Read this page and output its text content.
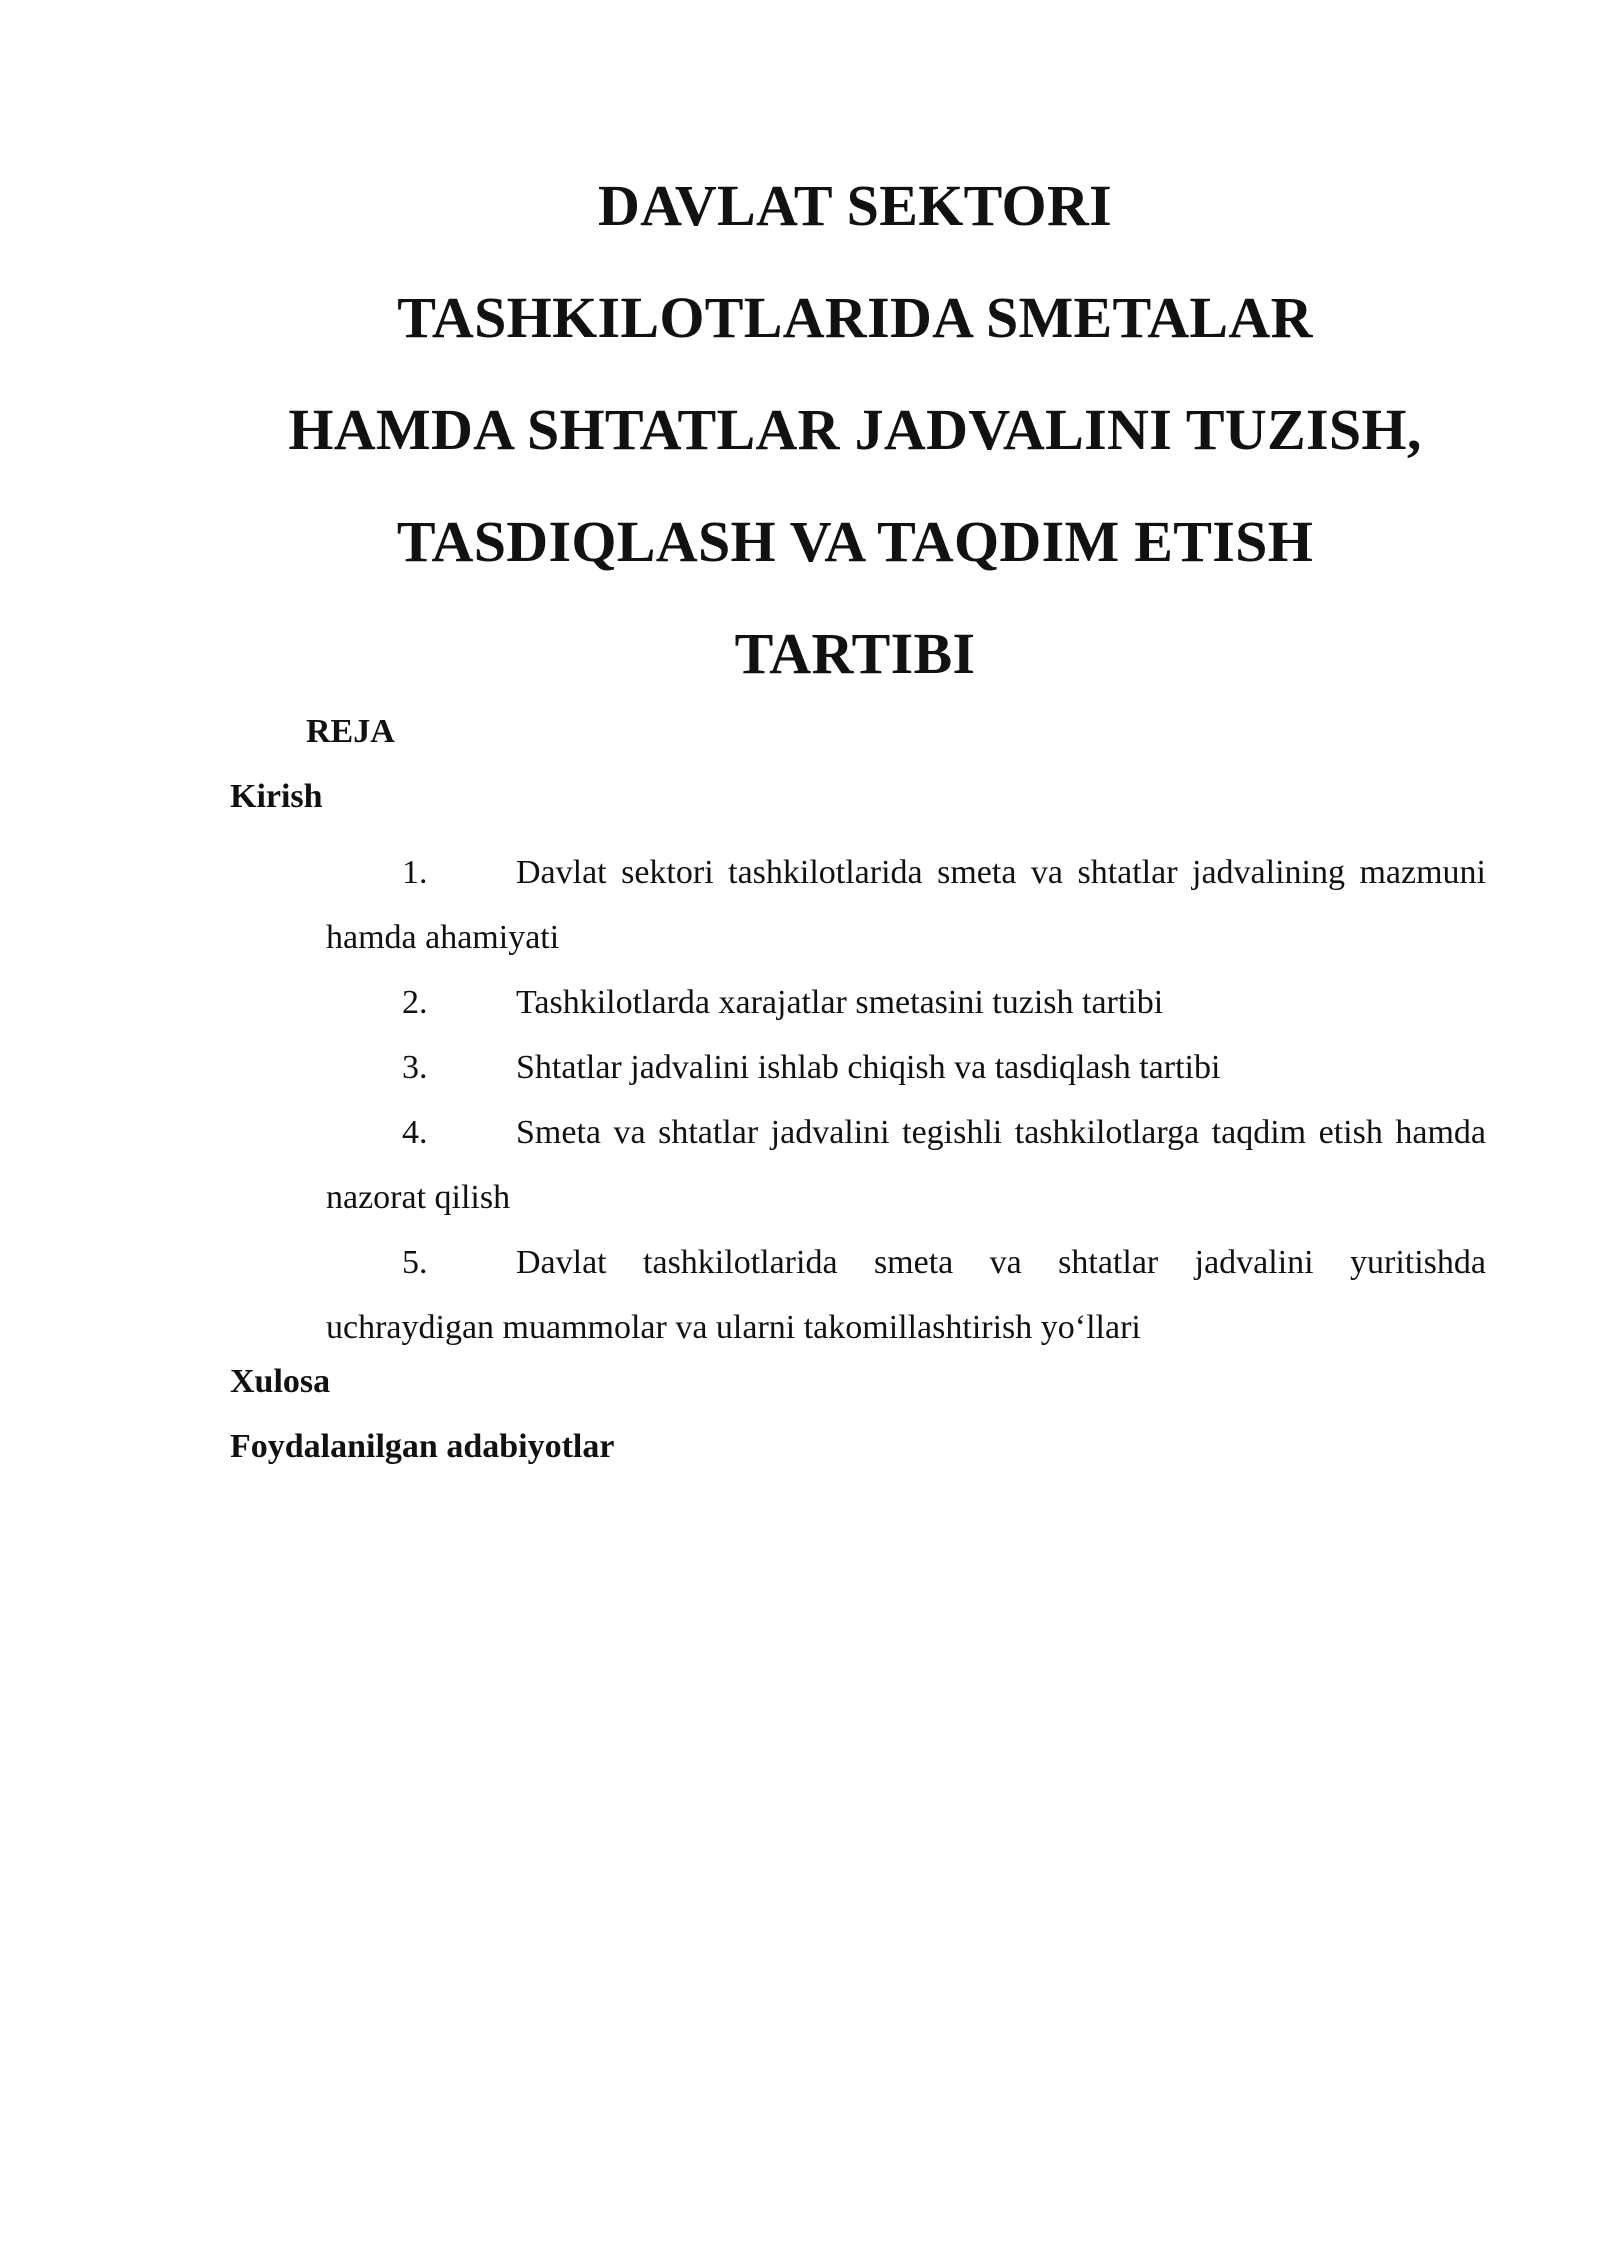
DAVLAT SEKTORI
TASHKILOTLARIDA SMETALAR
HAMDA SHTATLAR JADVALINI TUZISH,
TASDIQLASH VA TAQDIM ETISH
TARTIBI

REJA

Kirish

1.	Davlat sektori tashkilotlarida smeta va shtatlar jadvalining mazmuni hamda ahamiyati
2.	Tashkilotlarda xarajatlar smetasini tuzish tartibi
3.	Shtatlar jadvalini ishlab chiqish va tasdiqlash tartibi
4.	Smeta va shtatlar jadvalini tegishli tashkilotlarga taqdim etish hamda nazorat qilish
5.	Davlat tashkilotlarida smeta va shtatlar jadvalini yuritishda uchraydigan muammolar va ularni takomillashtirish yo‘llari

Xulosa

Foydalanilgan adabiyotlar
